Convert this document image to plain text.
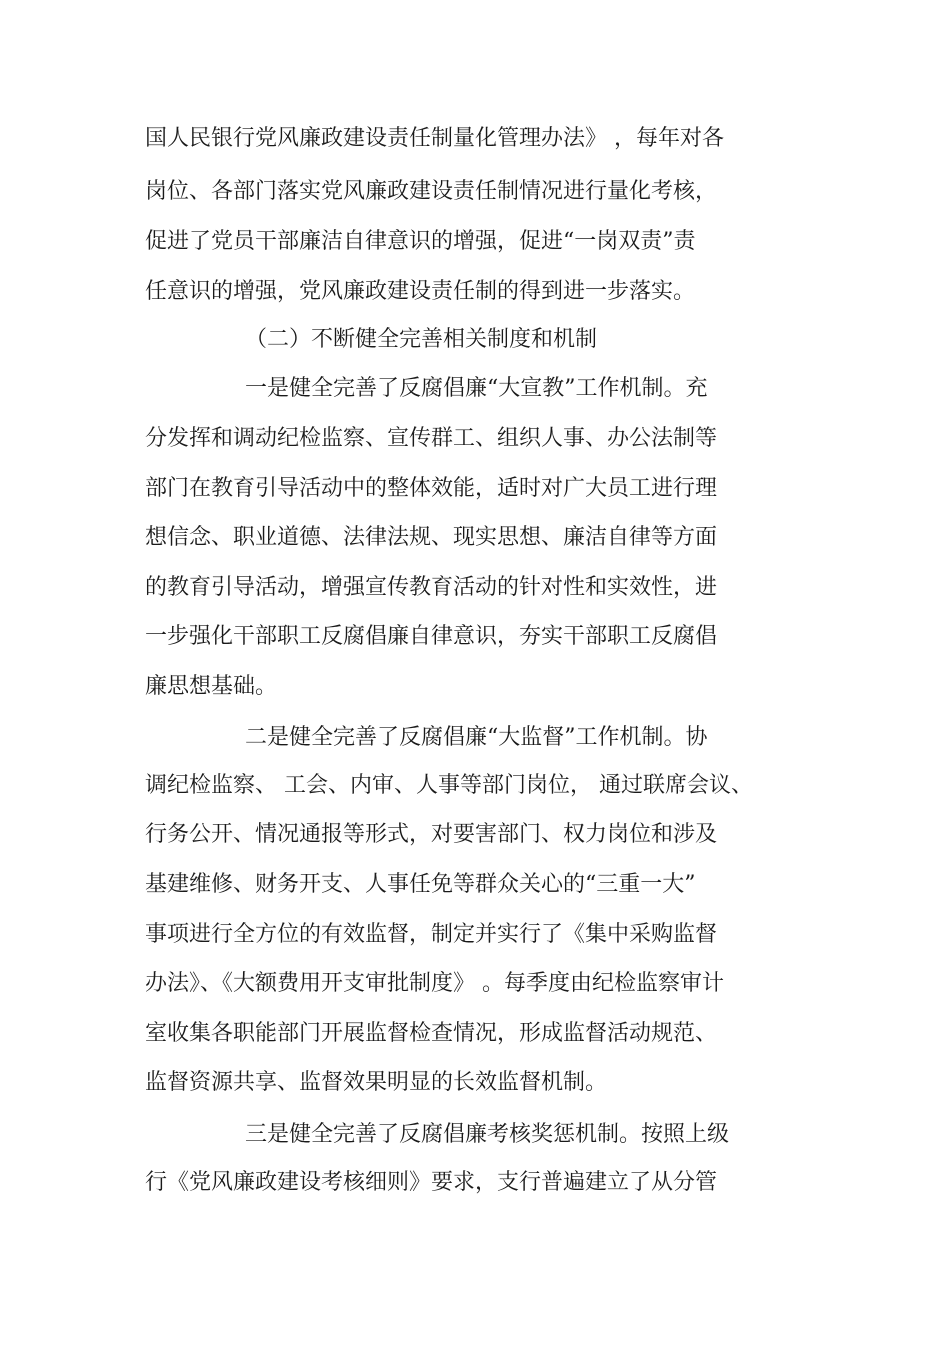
国人民银行党风廉政建设责任制量化管理办法》 ，每年对各

岗位、各部门落实党风廉政建设责任制情况进行量化考核，

促进了党员干部廉洁自律意识的增强，促进“一岗双责”责

任意识的增强，党风廉政建设责任制的得到进一步落实。

（二）不断健全完善相关制度和机制

一是健全完善了反腐倡廉“大宣教”工作机制。充

分发挥和调动纪检监察、宣传群工、组织人事、办公法制等

部门在教育引导活动中的整体效能，适时对广大员工进行理

想信念、职业道德、法律法规、现实思想、廉洁自律等方面

的教育引导活动，增强宣传教育活动的针对性和实效性，进

一步强化干部职工反腐倡廉自律意识，夯实干部职工反腐倡

廉思想基础。

二是健全完善了反腐倡廉“大监督”工作机制。协

调纪检监察、 工会、内审、人事等部门岗位， 通过联席会议、

行务公开、情况通报等形式，对要害部门、权力岗位和涉及

基建维修、财务开支、人事任免等群众关心的“三重一大”

事项进行全方位的有效监督，制定并实行了《集中采购监督

办法》、《大额费用开支审批制度》 。每季度由纪检监察审计

室收集各职能部门开展监督检查情况，形成监督活动规范、

监督资源共享、监督效果明显的长效监督机制。

三是健全完善了反腐倡廉考核奖惩机制。按照上级

行《党风廉政建设考核细则》要求，支行普遍建立了从分管
